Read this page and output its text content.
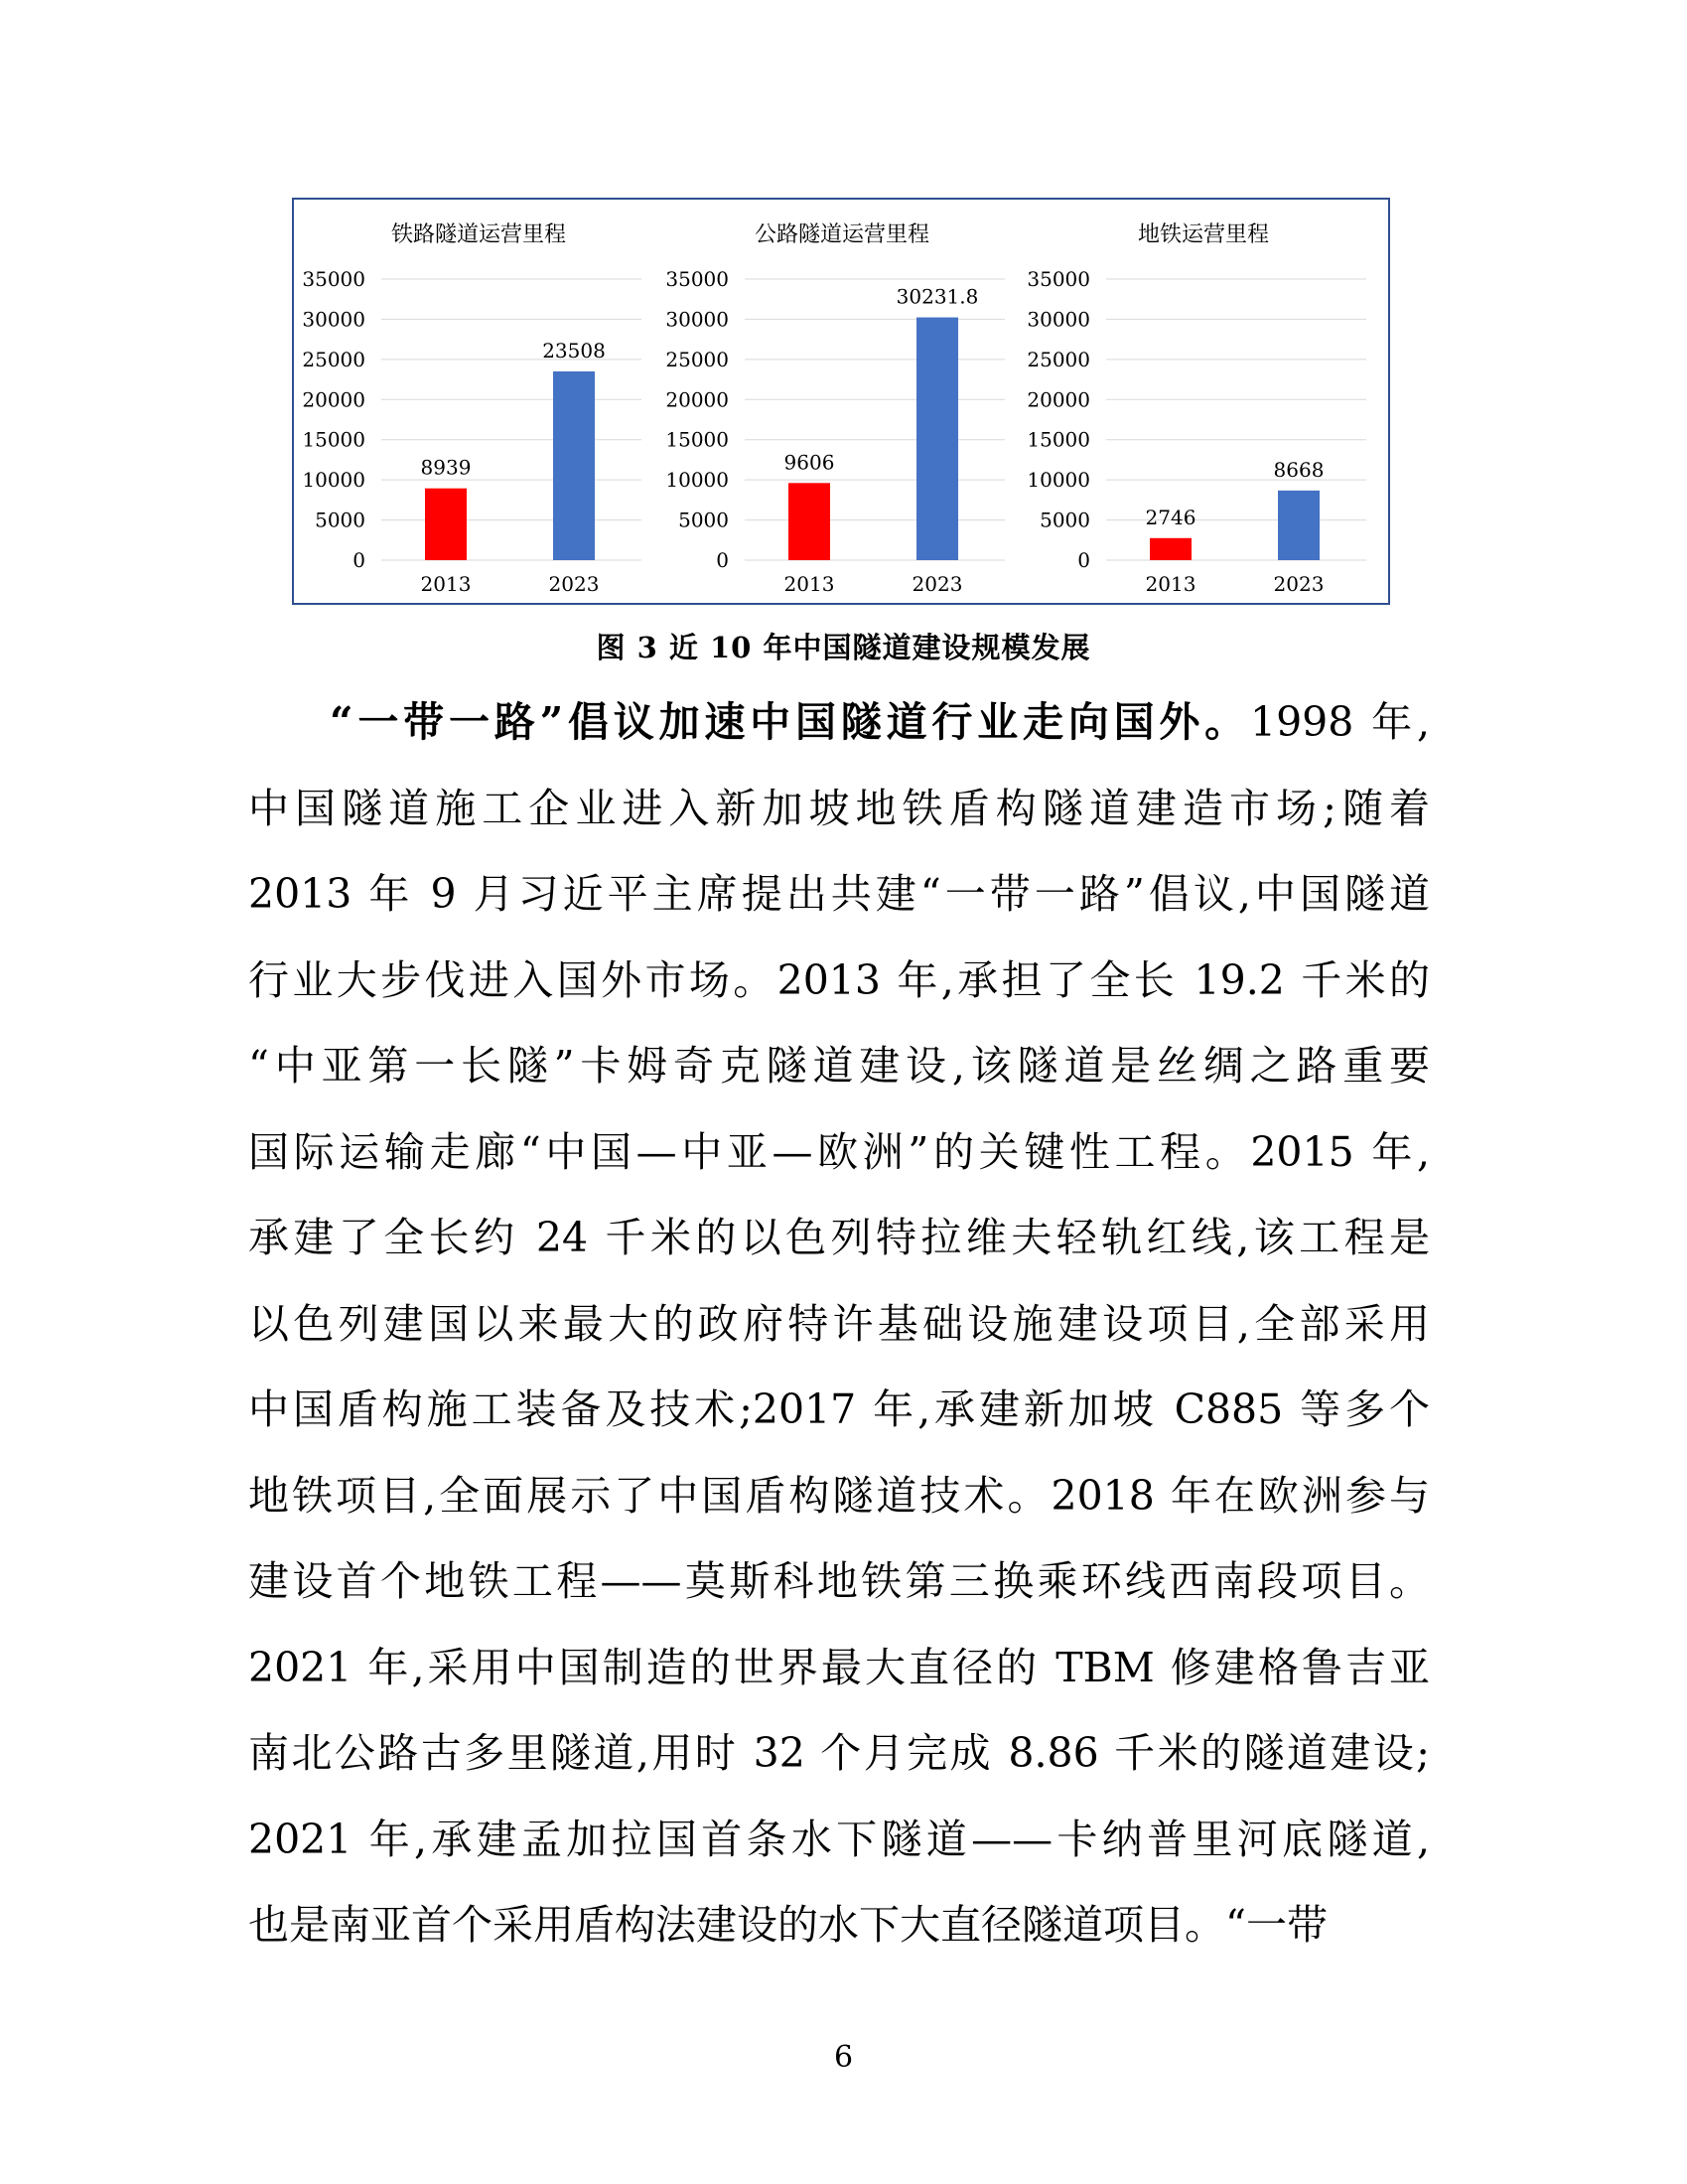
铁路隧道运营里程
0
5000
10000
15000
20000
25000
30000
35000
8939
2013
23508
2023
公路隧道运营里程
0
5000
10000
15000
20000
25000
30000
35000
9606
2013
30231.8
2023
地铁运营里程
0
5000
10000
15000
20000
25000
30000
35000
2746
2013
8668
2023
图 3 近 10 年中国隧道建设规模发展
“一带一路”倡议加速中国隧道行业走向国外。1998 年,
中国隧道施工企业进入新加坡地铁盾构隧道建造市场;随着
2013 年 9 月习近平主席提出共建“一带一路”倡议,中国隧道
行业大步伐进入国外市场。2013 年,承担了全长 19.2 千米的
“中亚第一长隧”卡姆奇克隧道建设,该隧道是丝绸之路重要
国际运输走廊“中国—中亚—欧洲”的关键性工程。2015 年,
承建了全长约 24 千米的以色列特拉维夫轻轨红线,该工程是
以色列建国以来最大的政府特许基础设施建设项目,全部采用
中国盾构施工装备及技术;2017 年,承建新加坡 C885 等多个
地铁项目,全面展示了中国盾构隧道技术。2018 年在欧洲参与
建设首个地铁工程——莫斯科地铁第三换乘环线西南段项目。
2021 年,采用中国制造的世界最大直径的 TBM 修建格鲁吉亚
南北公路古多里隧道,用时 32 个月完成 8.86 千米的隧道建设;
2021 年,承建孟加拉国首条水下隧道——卡纳普里河底隧道,
也是南亚首个采用盾构法建设的水下大直径隧道项目。“一带
6
